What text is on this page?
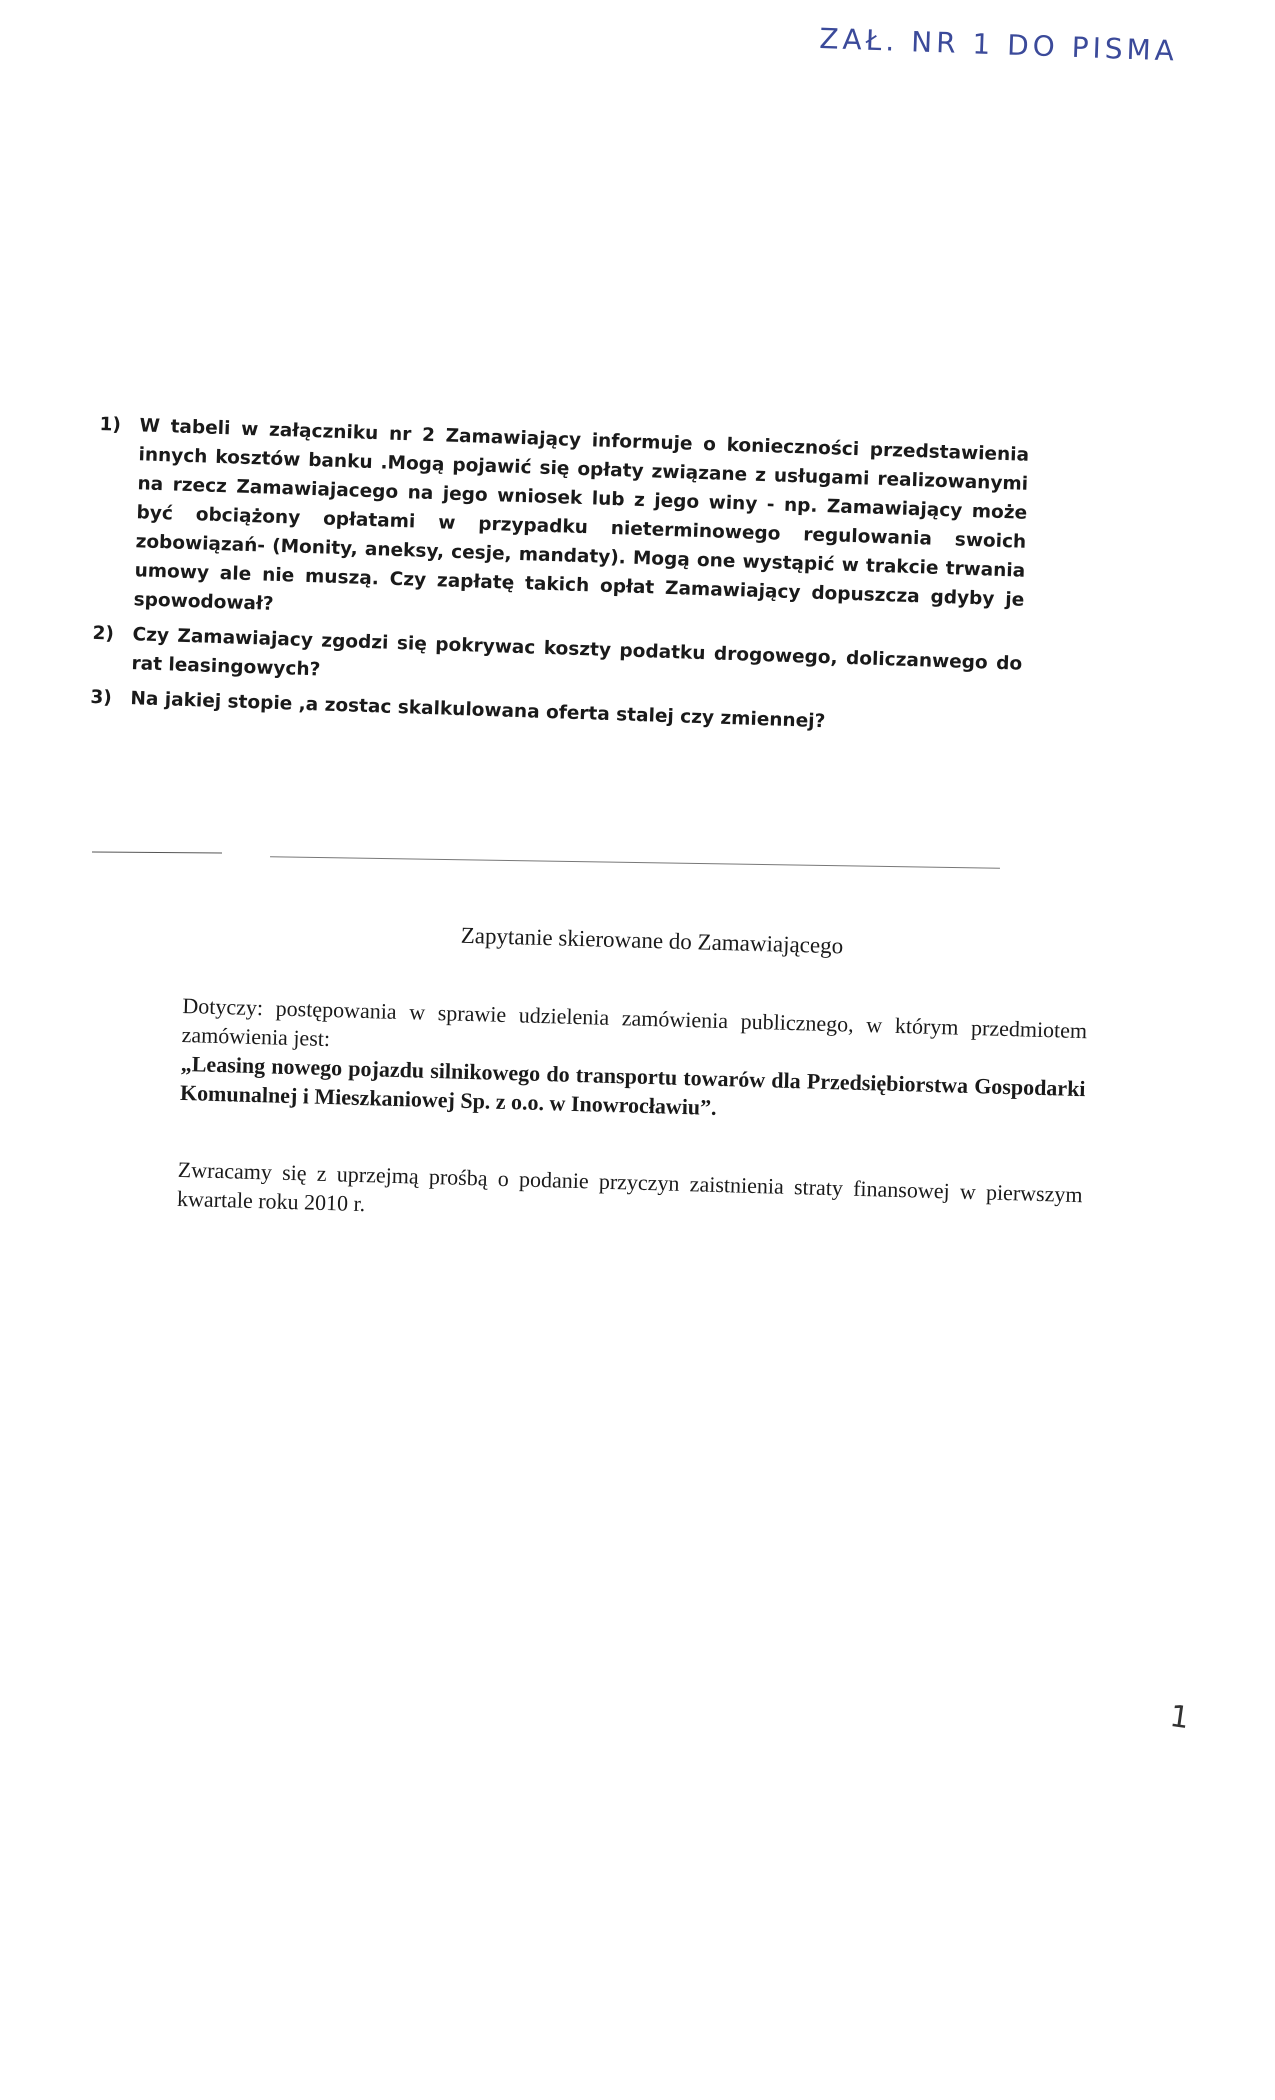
ZAŁ. NR 1 DO PISMA
1) W tabeli w załączniku nr 2 Zamawiający informuje o konieczności przedstawienia innych kosztów banku .Mogą pojawić się opłaty związane z usługami realizowanymi na rzecz Zamawiajacego na jego wniosek lub z jego winy - np. Zamawiający może być obciążony opłatami w przypadku nieterminowego regulowania swoich zobowiązań- (Monity, aneksy, cesje, mandaty). Mogą one wystąpić w trakcie trwania umowy ale nie muszą. Czy zapłatę takich opłat Zamawiający dopuszcza gdyby je spowodował?
2) Czy Zamawiajacy zgodzi się pokrywac koszty podatku drogowego, doliczanwego do rat leasingowych?
3) Na jakiej stopie ,a zostac skalkulowana oferta stalej czy zmiennej?
Zapytanie skierowane do Zamawiającego
Dotyczy: postępowania w sprawie udzielenia zamówienia publicznego, w którym przedmiotem zamówienia jest:
„Leasing nowego pojazdu silnikowego do transportu towarów dla Przedsiębiorstwa Gospodarki Komunalnej i Mieszkaniowej Sp. z o.o. w Inowrocławiu”.
Zwracamy się z uprzejmą prośbą o podanie przyczyn zaistnienia straty finansowej w pierwszym kwartale roku 2010 r.
1
